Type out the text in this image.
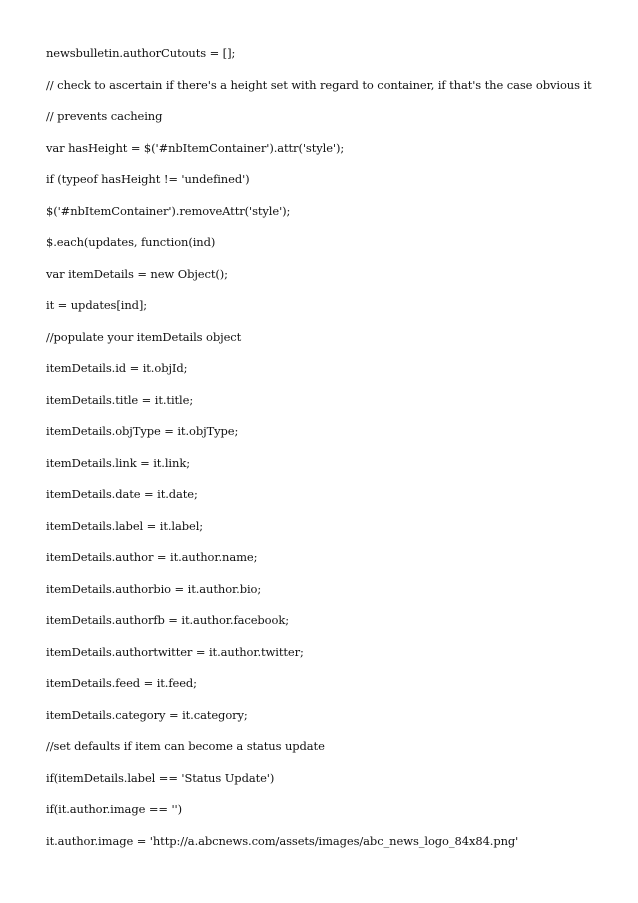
newsbulletin.authorCutouts = [];
// check to ascertain if there's a height set with regard to container, if that's the case obvious it
// prevents cacheing
var hasHeight = $('#nbItemContainer').attr('style');
if (typeof hasHeight != 'undefined')
$('#nbItemContainer').removeAttr('style');
$.each(updates, function(ind)
var itemDetails = new Object();
it = updates[ind];
//populate your itemDetails object
itemDetails.id = it.objId;
itemDetails.title = it.title;
itemDetails.objType = it.objType;
itemDetails.link = it.link;
itemDetails.date = it.date;
itemDetails.label = it.label;
itemDetails.author = it.author.name;
itemDetails.authorbio = it.author.bio;
itemDetails.authorfb = it.author.facebook;
itemDetails.authortwitter = it.author.twitter;
itemDetails.feed = it.feed;
itemDetails.category = it.category;
//set defaults if item can become a status update
if(itemDetails.label == 'Status Update')
if(it.author.image == '')
it.author.image = 'http://a.abcnews.com/assets/images/abc_news_logo_84x84.png'
